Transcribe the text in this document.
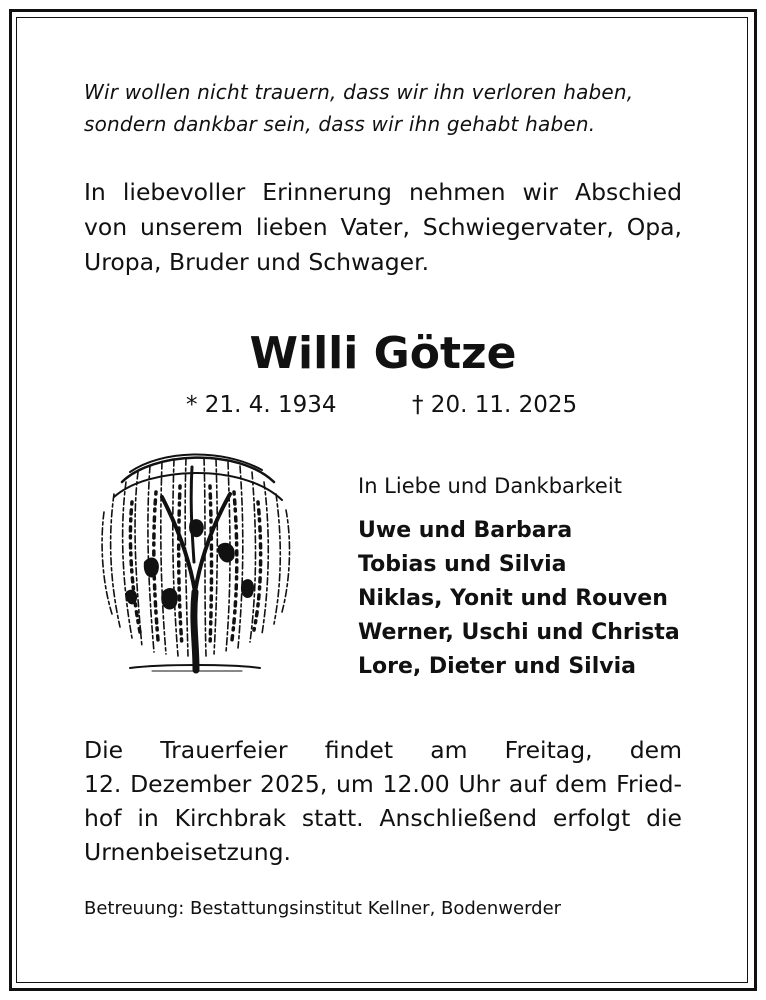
Wir wollen nicht trauern, dass wir ihn verloren haben,
sondern dankbar sein, dass wir ihn gehabt haben.
In liebevoller Erinnerung nehmen wir Abschied
von unserem lieben Vater, Schwiegervater, Opa,
Uropa, Bruder und Schwager.
Willi Götze
* 21. 4. 1934	† 20. 11. 2025
In Liebe und Dankbarkeit
Uwe und Barbara
Tobias und Silvia
Niklas, Yonit und Rouven
Werner, Uschi und Christa
Lore, Dieter und Silvia
Die Trauerfeier findet am Freitag, dem
12. Dezember 2025, um 12.00 Uhr auf dem Fried-
hof in Kirchbrak statt. Anschließend erfolgt die
Urnenbeisetzung.
Betreuung: Bestattungsinstitut Kellner, Bodenwerder
